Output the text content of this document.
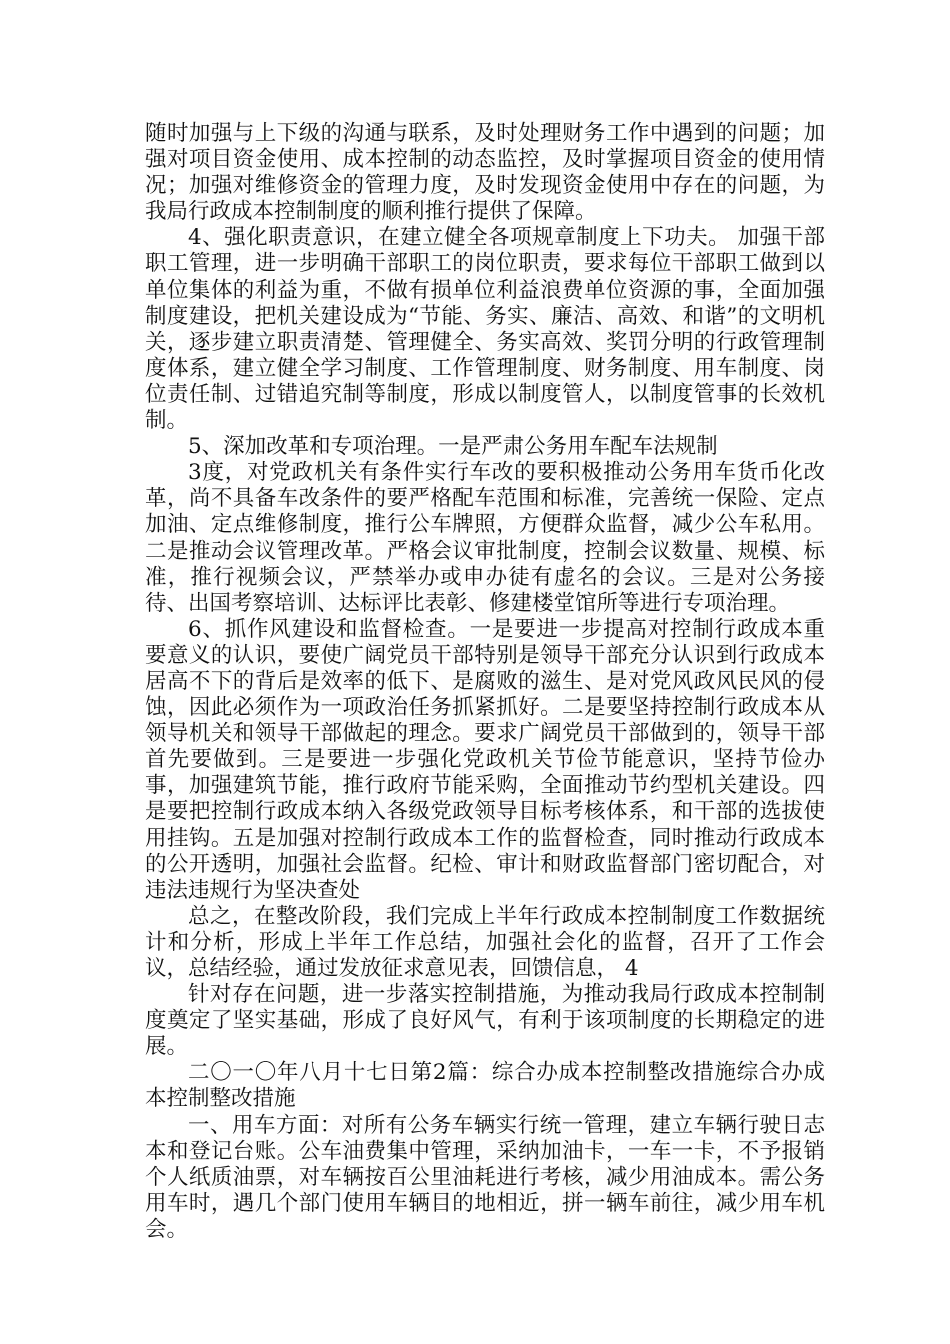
随时加强与上下级的沟通与联系，及时处理财务工作中遇到的问题；加强对项目资金使用、成本控制的动态监控，及时掌握项目资金的使用情况；加强对维修资金的管理力度，及时发现资金使用中存在的问题，为我局行政成本控制制度的顺利推行提供了保障。

4、强化职责意识，在建立健全各项规章制度上下功夫。 加强干部职工管理，进一步明确干部职工的岗位职责，要求每位干部职工做到以单位集体的利益为重，不做有损单位利益浪费单位资源的事，全面加强制度建设，把机关建设成为“节能、务实、廉洁、高效、和谐”的文明机关，逐步建立职责清楚、管理健全、务实高效、奖罚分明的行政管理制度体系，建立健全学习制度、工作管理制度、财务制度、用车制度、岗位责任制、过错追究制等制度，形成以制度管人，以制度管事的长效机制。

5、深加改革和专项治理。一是严肃公务用车配车法规制

3度，对党政机关有条件实行车改的要积极推动公务用车货币化改革，尚不具备车改条件的要严格配车范围和标准，完善统一保险、定点加油、定点维修制度，推行公车牌照，方便群众监督，减少公车私用。二是推动会议管理改革。严格会议审批制度，控制会议数量、规模、标准，推行视频会议，严禁举办或申办徒有虚名的会议。三是对公务接待、出国考察培训、达标评比表彰、修建楼堂馆所等进行专项治理。

6、抓作风建设和监督检查。一是要进一步提高对控制行政成本重要意义的认识，要使广阔党员干部特别是领导干部充分认识到行政成本居高不下的背后是效率的低下、是腐败的滋生、是对党风政风民风的侵蚀，因此必须作为一项政治任务抓紧抓好。二是要坚持控制行政成本从领导机关和领导干部做起的理念。要求广阔党员干部做到的，领导干部首先要做到。三是要进一步强化党政机关节俭节能意识，坚持节俭办事，加强建筑节能，推行政府节能采购，全面推动节约型机关建设。四是要把控制行政成本纳入各级党政领导目标考核体系，和干部的选拔使用挂钩。五是加强对控制行政成本工作的监督检查，同时推动行政成本的公开透明，加强社会监督。纪检、审计和财政监督部门密切配合，对违法违规行为坚决查处

总之，在整改阶段，我们完成上半年行政成本控制制度工作数据统计和分析，形成上半年工作总结，加强社会化的监督，召开了工作会议，总结经验，通过发放征求意见表，回馈信息， 4

针对存在问题，进一步落实控制措施，为推动我局行政成本控制制度奠定了坚实基础，形成了良好风气，有利于该项制度的长期稳定的进展。

二〇一〇年八月十七日第2篇：综合办成本控制整改措施综合办成本控制整改措施

一、用车方面：对所有公务车辆实行统一管理，建立车辆行驶日志本和登记台账。公车油费集中管理，采纳加油卡，一车一卡，不予报销个人纸质油票，对车辆按百公里油耗进行考核，减少用油成本。需公务用车时，遇几个部门使用车辆目的地相近，拼一辆车前往，减少用车机会。
